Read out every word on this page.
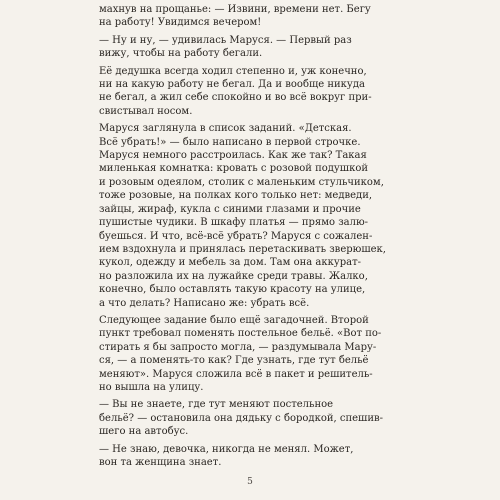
махнув на прощанье: — Извини, времени нет. Бегу
на работу! Увидимся вечером!

— Ну и ну, — удивилась Маруся. — Первый раз
вижу, чтобы на работу бегали.

Её дедушка всегда ходил степенно и, уж конечно,
ни на какую работу не бегал. Да и вообще никуда
не бегал, а жил себе спокойно и во всё вокруг при-
свистывал носом.

Маруся заглянула в список заданий. «Детская.
Всё убрать!» — было написано в первой строчке.
Маруся немного расстроилась. Как же так? Такая
миленькая комнатка: кровать с розовой подушкой
и розовым одеялом, столик с маленьким стульчиком,
тоже розовые, на полках кого только нет: медведи,
зайцы, жираф, кукла с синими глазами и прочие
пушистые чудики. В шкафу платья — прямо залю-
буешься. И что, всё-всё убрать? Маруся с сожален-
ием вздохнула и принялась перетаскивать зверюшек,
кукол, одежду и мебель за дом. Там она аккурат-
но разложила их на лужайке среди травы. Жалко,
конечно, было оставлять такую красоту на улице,
а что делать? Написано же: убрать всё.

Следующее задание было ещё загадочней. Второй
пункт требовал поменять постельное бельё. «Вот по-
стирать я бы запросто могла, — раздумывала Мару-
ся, — а поменять-то как? Где узнать, где тут бельё
меняют». Маруся сложила всё в пакет и решитель-
но вышла на улицу.

— Вы не знаете, где тут меняют постельное
бельё? — остановила она дядьку с бородкой, спешив-
шего на автобус.

— Не знаю, девочка, никогда не менял. Может,
вон та женщина знает.

5
